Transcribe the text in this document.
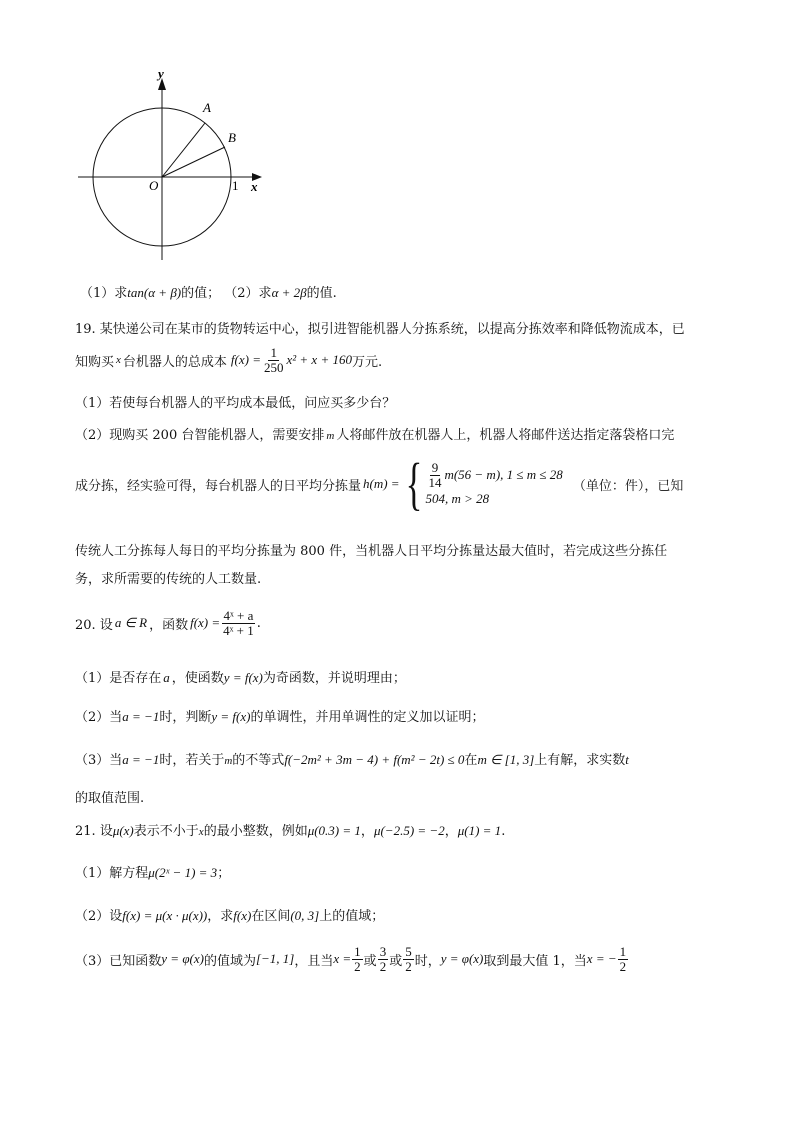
y
x
O
A
B
1
（1）求tan(α + β)的值； （2）求α + 2β的值.
19. 某快递公司在某市的货物转运中心，拟引进智能机器人分拣系统，以提高分拣效率和降低物流成本，已
知购买 x 台机器人的总成本 $f(x) = \frac{1}{250} x^2 + x + 160$ 万元.
（1）若使每台机器人的平均成本最低，问应买多少台？
（2）现购买 200 台智能机器人，需要安排 m 人将邮件放在机器人上，机器人将邮件送达指定落袋格口完
成分拣，经实验可得，每台机器人的日平均分拣量 h(m) = { $\frac{9}{14} m(56 - m)$, 1 ≤ m ≤ 28
504, m > 28
（单位：件），已知
传统人工分拣每人每日的平均分拣量为 800 件，当机器人日平均分拣量达最大值时，若完成这些分拣任
务，求所需要的传统的人工数量.
20. 设 a ∈ R ，函数 $f(x) = \frac{\text{4ˣ + a}}{\text{4ˣ + 1}}$ .
（1）是否存在 a ，使函数y = f(x)为奇函数，并说明理由；
（2）当a = −1时，判断y = f(x)的单调性，并用单调性的定义加以证明；
（3）当a = −1时，若关于m的不等式f(−2m² + 3m − 4) + f(m² − 2t) ≤ 0在m ∈ [1, 3]上有解，求实数t
的取值范围.
21. 设μ(x)表示不小于x的最小整数，例如μ(0.3) = 1，μ(−2.5) = −2，μ(1) = 1.
（1）解方程μ(2ˣ − 1) = 3；
（2）设f(x) = μ(x · μ(x))，求f(x)在区间(0, 3]上的值域；
（3）已知函数 y = φ(x) 的值域为 [−1, 1] ，且当 $x = \frac{1}{2}$ 或 $\frac{3}{2}$ 或 $\frac{5}{2}$ 时， y = φ(x) 取到最大值 1，当 x = − $\frac{1}{2}$
